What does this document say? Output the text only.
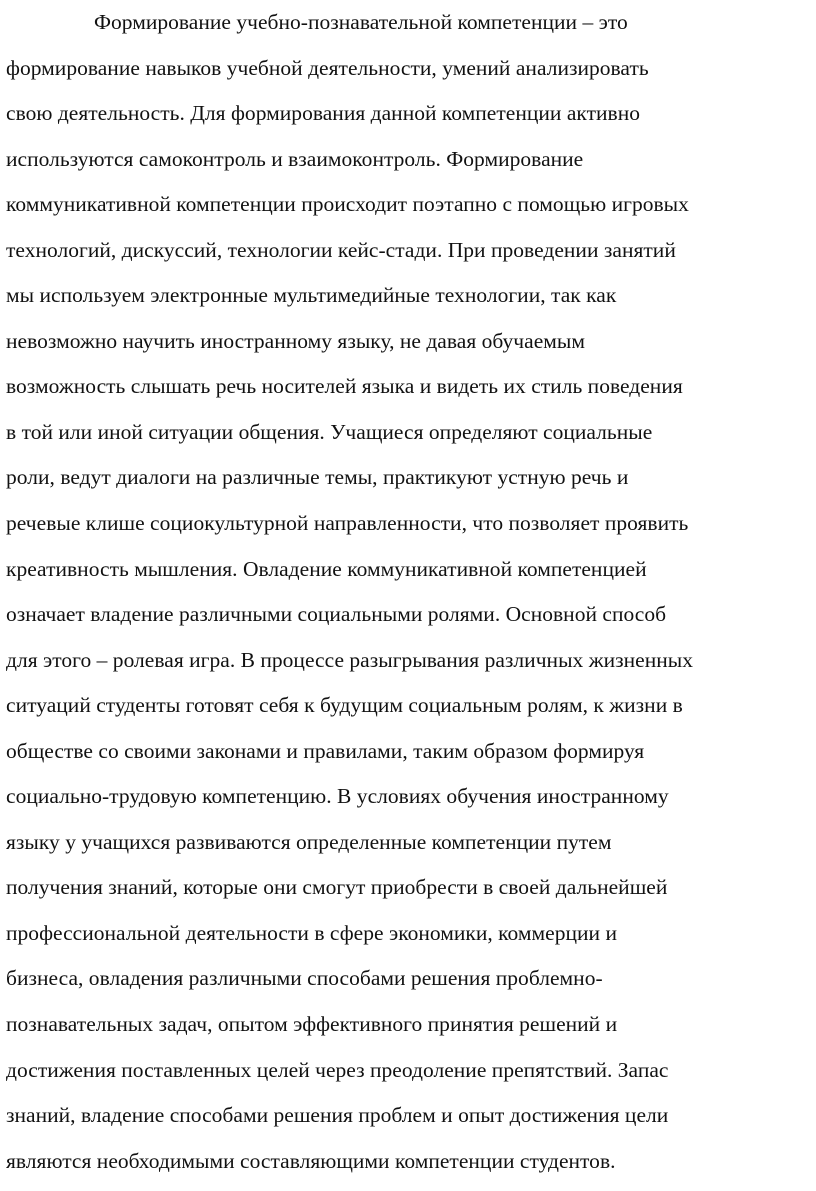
Формирование учебно-познавательной компетенции – это
формирование навыков учебной деятельности, умений анализировать
свою деятельность. Для формирования данной компетенции активно
используются самоконтроль и взаимоконтроль. Формирование
коммуникативной компетенции происходит поэтапно с помощью игровых
технологий, дискуссий, технологии кейс-стади. При проведении занятий
мы используем электронные мультимедийные технологии, так как
невозможно научить иностранному языку, не давая обучаемым
возможность слышать речь носителей языка и видеть их стиль поведения
в той или иной ситуации общения. Учащиеся определяют социальные
роли, ведут диалоги на различные темы, практикуют устную речь и
речевые клише социокультурной направленности, что позволяет проявить
креативность мышления. Овладение коммуникативной компетенцией
означает владение различными социальными ролями. Основной способ
для этого – ролевая игра. В процессе разыгрывания различных жизненных
ситуаций студенты готовят себя к будущим социальным ролям, к жизни в
обществе со своими законами и правилами, таким образом формируя
социально-трудовую компетенцию. В условиях обучения иностранному
языку у учащихся развиваются определенные компетенции путем
получения знаний, которые они смогут приобрести в своей дальнейшей
профессиональной деятельности в сфере экономики, коммерции и
бизнеса, овладения различными способами решения проблемно-
познавательных задач, опытом эффективного принятия решений и
достижения поставленных целей через преодоление препятствий. Запас
знаний, владение способами решения проблем и опыт достижения цели
являются необходимыми составляющими компетенции студентов.
